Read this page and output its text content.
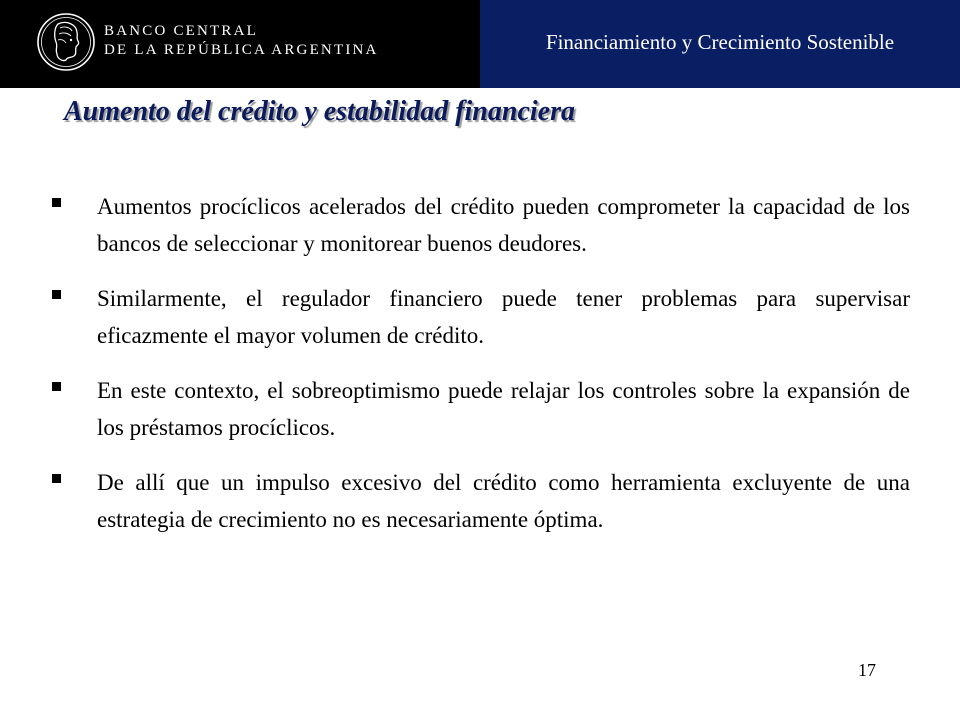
BANCO CENTRAL
DE LA REPÚBLICA ARGENTINA	Financiamiento y Crecimiento Sostenible
Aumento del crédito y estabilidad financiera
Aumentos procíclicos acelerados del crédito pueden comprometer la capacidad de los bancos de seleccionar y monitorear buenos deudores.
Similarmente, el regulador financiero puede tener problemas para supervisar eficazmente el mayor volumen de crédito.
En este contexto, el sobreoptimismo puede relajar los controles sobre la expansión de los préstamos procíclicos.
De allí que un impulso excesivo del crédito como herramienta excluyente de una estrategia de crecimiento no es necesariamente óptima.
17
